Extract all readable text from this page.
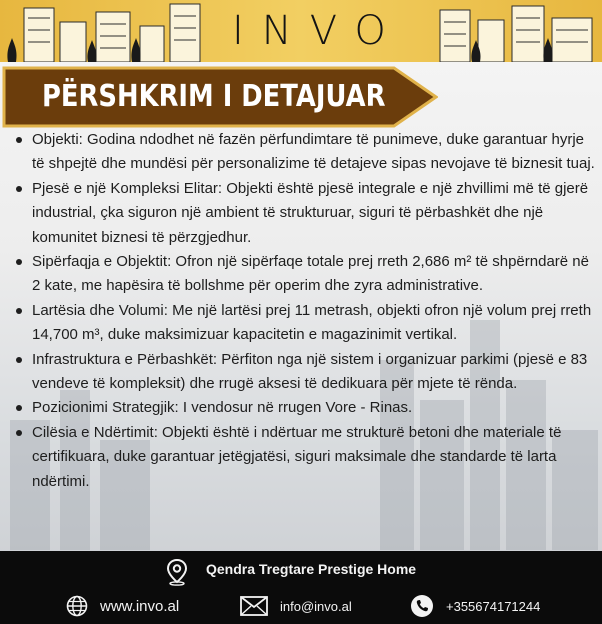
INVO
PËRSHKRIM I DETAJUAR
Objekti: Godina ndodhet në fazën përfundimtare të punimeve, duke garantuar hyrje të shpejtë dhe mundësi për personalizime të detajeve sipas nevojave të biznesit tuaj.
Pjesë e një Kompleksi Elitar: Objekti është pjesë integrale e një zhvillimi më të gjerë industrial, çka siguron një ambient të strukturuar, siguri të përbashkët dhe një komunitet biznesi të përzgjedhur.
Sipërfaqja e Objektit: Ofron një sipërfaqe totale prej rreth 2,686 m² të shpërndarë në 2 kate, me hapësira të bollshme për operim dhe zyra administrative.
Lartësia dhe Volumi: Me një lartësi prej 11 metrash, objekti ofron një volum prej rreth 14,700 m³, duke maksimizuar kapacitetin e magazinimit vertikal.
Infrastruktura e Përbashkët: Përfiton nga një sistem i organizuar parkimi (pjesë e 83 vendeve të kompleksit) dhe rrugë aksesi të dedikuara për mjete të rënda.
Pozicionimi Strategjik: I vendosur në rrugen Vore - Rinas.
Cilësia e Ndërtimit: Objekti është i ndërtuar me strukturë betoni dhe materiale të certifikuara, duke garantuar jetëgjatësi, siguri maksimale dhe standarde të larta ndërtimi.
Qendra Tregtare Prestige Home
www.invo.al	info@invo.al	+355674171244
